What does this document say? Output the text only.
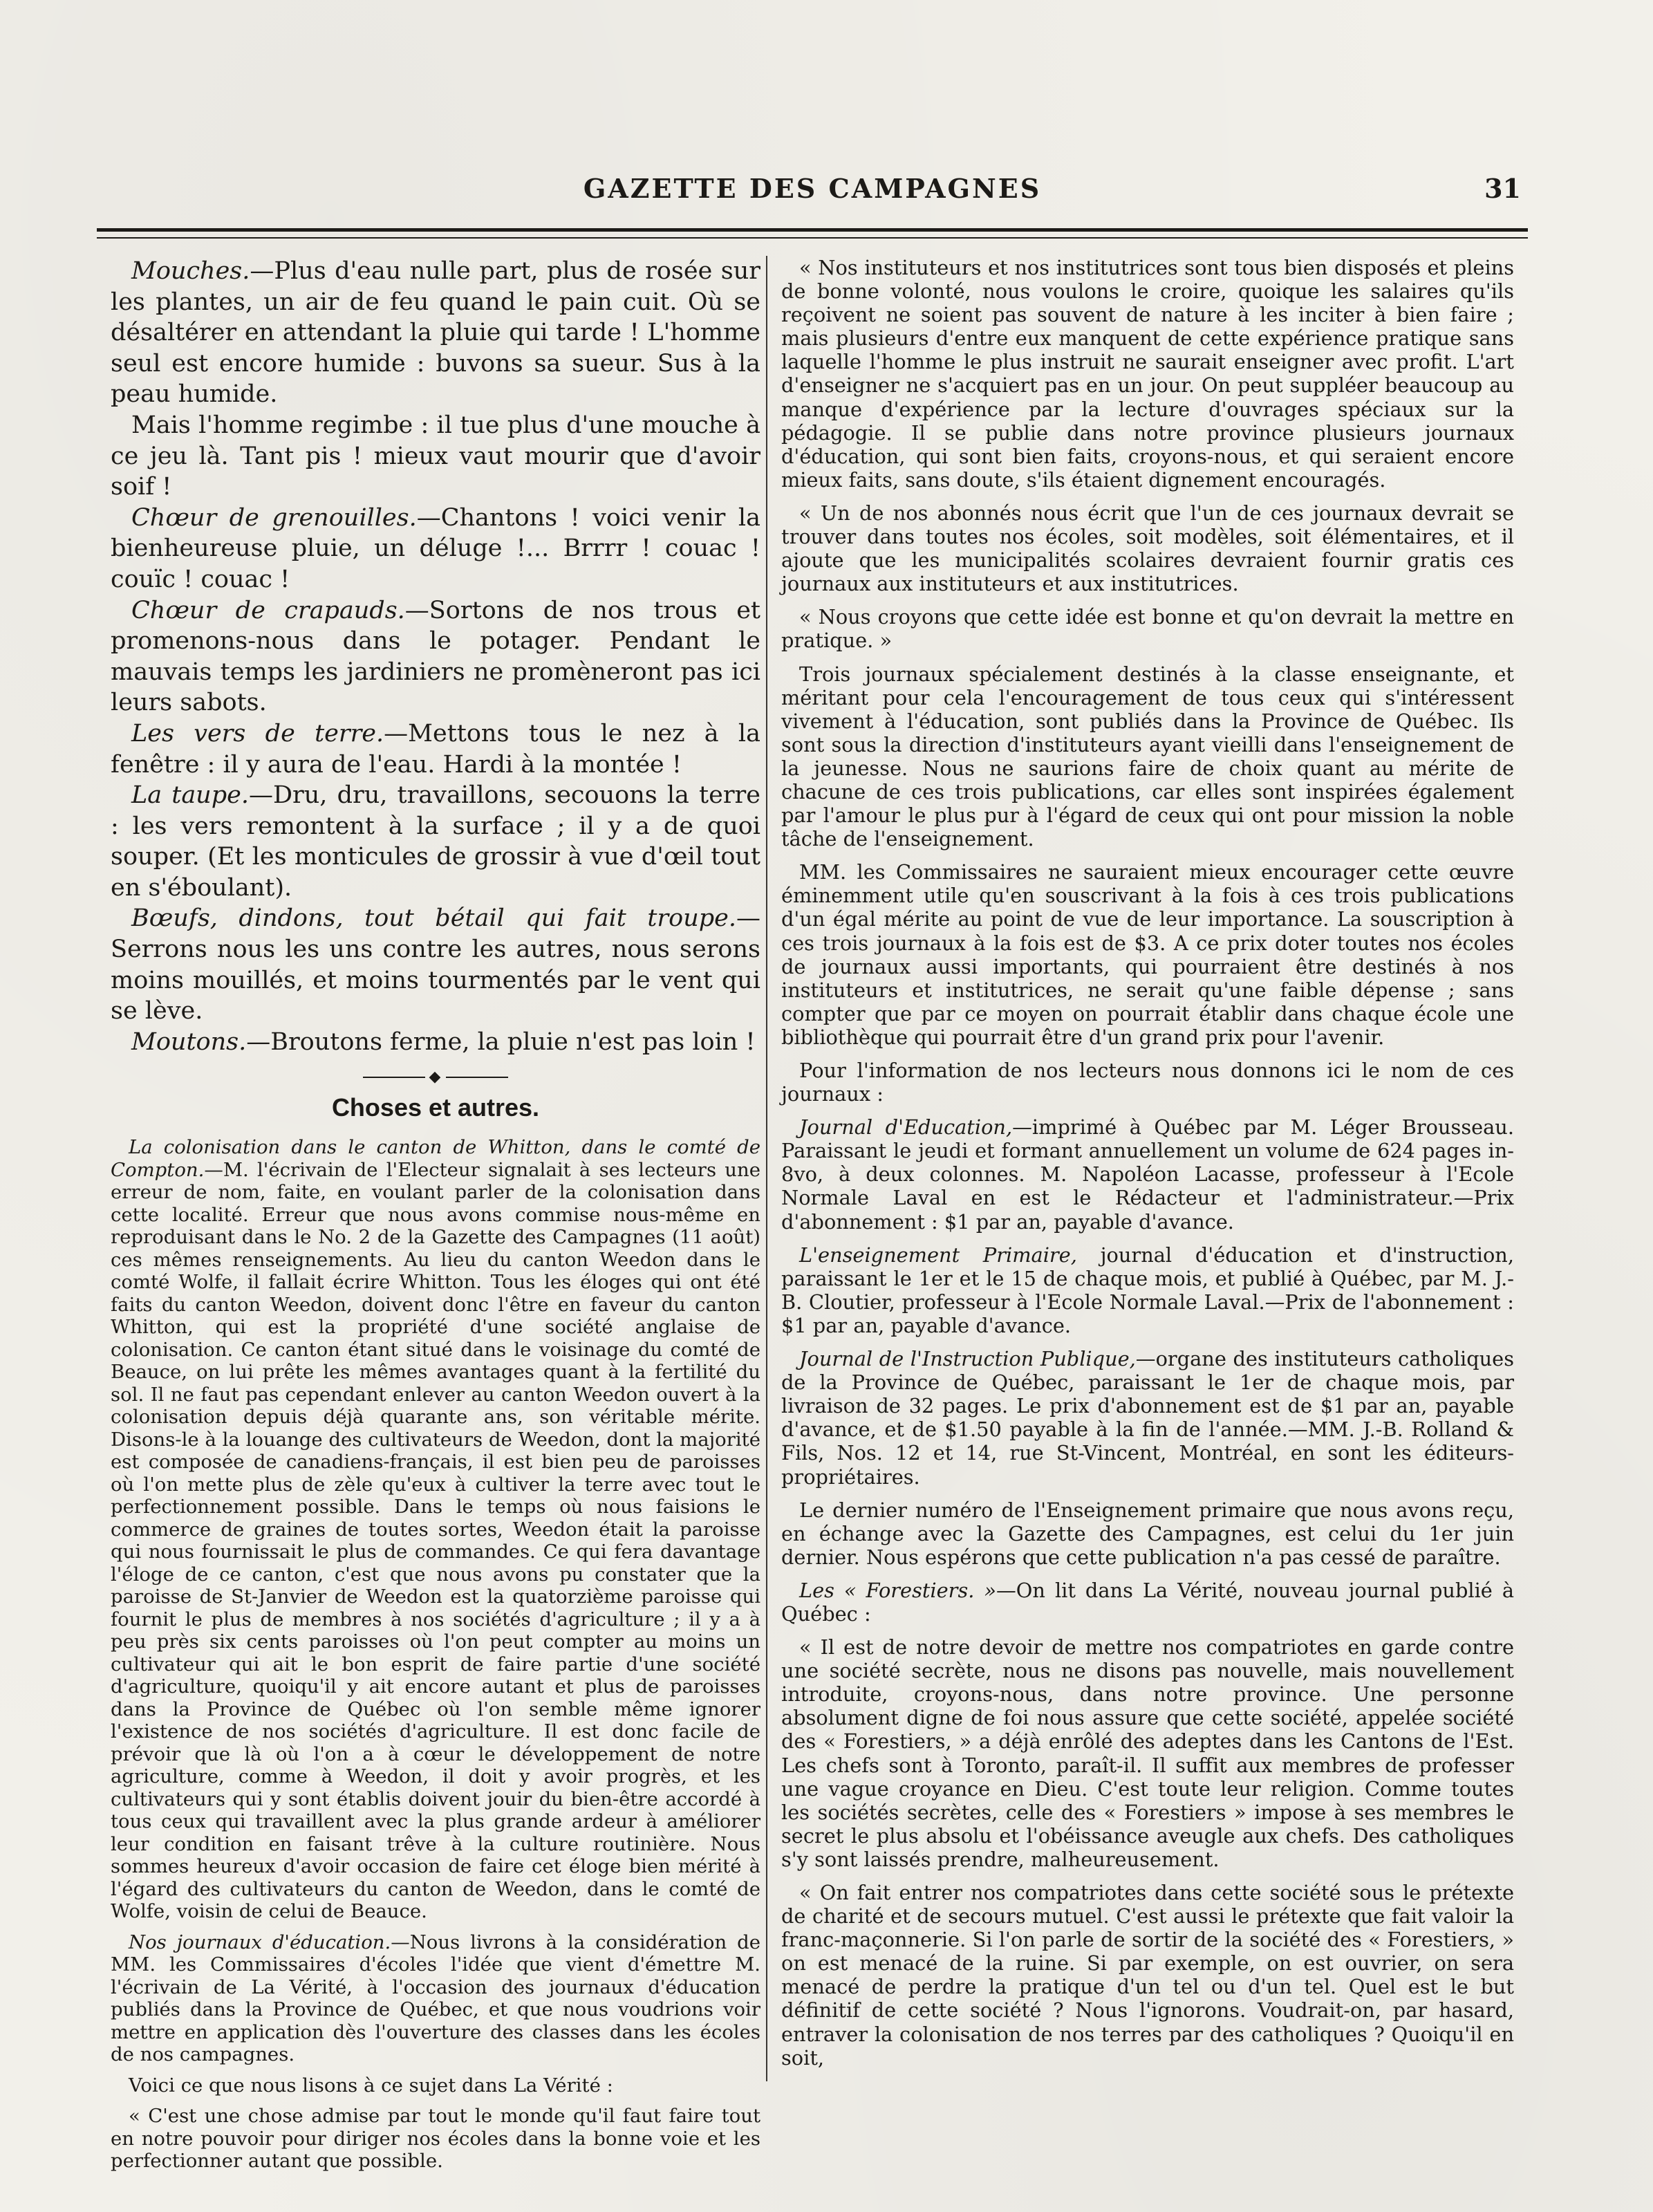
GAZETTE DES CAMPAGNES	31

Mouches.—Plus d'eau nulle part, plus de rosée sur les plantes, un air de feu quand le pain cuit. Où se désaltérer en attendant la pluie qui tarde ! L'homme seul est encore humide : buvons sa sueur. Sus à la peau humide.

Mais l'homme regimbe : il tue plus d'une mouche à ce jeu là. Tant pis ! mieux vaut mourir que d'avoir soif !

Chœur de grenouilles.—Chantons ! voici venir la bienheureuse pluie, un déluge !... Brrrr ! couac ! couïc ! couac !

Chœur de crapauds.—Sortons de nos trous et promenons-nous dans le potager. Pendant le mauvais temps les jardiniers ne promèneront pas ici leurs sabots.

Les vers de terre.—Mettons tous le nez à la fenêtre : il y aura de l'eau. Hardi à la montée !

La taupe.—Dru, dru, travaillons, secouons la terre : les vers remontent à la surface ; il y a de quoi souper. (Et les monticules de grossir à vue d'œil tout en s'éboulant).

Bœufs, dindons, tout bétail qui fait troupe.—Serrons nous les uns contre les autres, nous serons moins mouillés, et moins tourmentés par le vent qui se lève.

Moutons.—Broutons ferme, la pluie n'est pas loin !

◆
Choses et autres.

La colonisation dans le canton de Whitton, dans le comté de Compton.—M. l'écrivain de l'Electeur signalait à ses lecteurs une erreur de nom, faite, en voulant parler de la colonisation dans cette localité. Erreur que nous avons commise nous-même en reproduisant dans le No. 2 de la Gazette des Campagnes (11 août) ces mêmes renseignements. Au lieu du canton Weedon dans le comté Wolfe, il fallait écrire Whitton. Tous les éloges qui ont été faits du canton Weedon, doivent donc l'être en faveur du canton Whitton, qui est la propriété d'une société anglaise de colonisation. Ce canton étant situé dans le voisinage du comté de Beauce, on lui prête les mêmes avantages quant à la fertilité du sol. Il ne faut pas cependant enlever au canton Weedon ouvert à la colonisation depuis déjà quarante ans, son véritable mérite. Disons-le à la louange des cultivateurs de Weedon, dont la majorité est composée de canadiens-français, il est bien peu de paroisses où l'on mette plus de zèle qu'eux à cultiver la terre avec tout le perfectionnement possible. Dans le temps où nous faisions le commerce de graines de toutes sortes, Weedon était la paroisse qui nous fournissait le plus de commandes. Ce qui fera davantage l'éloge de ce canton, c'est que nous avons pu constater que la paroisse de St-Janvier de Weedon est la quatorzième paroisse qui fournit le plus de membres à nos sociétés d'agriculture ; il y a à peu près six cents paroisses où l'on peut compter au moins un cultivateur qui ait le bon esprit de faire partie d'une société d'agriculture, quoiqu'il y ait encore autant et plus de paroisses dans la Province de Québec où l'on semble même ignorer l'existence de nos sociétés d'agriculture. Il est donc facile de prévoir que là où l'on a à cœur le développement de notre agriculture, comme à Weedon, il doit y avoir progrès, et les cultivateurs qui y sont établis doivent jouir du bien-être accordé à tous ceux qui travaillent avec la plus grande ardeur à améliorer leur condition en faisant trêve à la culture routinière. Nous sommes heureux d'avoir occasion de faire cet éloge bien mérité à l'égard des cultivateurs du canton de Weedon, dans le comté de Wolfe, voisin de celui de Beauce.

Nos journaux d'éducation.—Nous livrons à la considération de MM. les Commissaires d'écoles l'idée que vient d'émettre M. l'écrivain de La Vérité, à l'occasion des journaux d'éducation publiés dans la Province de Québec, et que nous voudrions voir mettre en application dès l'ouverture des classes dans les écoles de nos campagnes.

Voici ce que nous lisons à ce sujet dans La Vérité :

« C'est une chose admise par tout le monde qu'il faut faire tout en notre pouvoir pour diriger nos écoles dans la bonne voie et les perfectionner autant que possible.

« Nos instituteurs et nos institutrices sont tous bien disposés et pleins de bonne volonté, nous voulons le croire, quoique les salaires qu'ils reçoivent ne soient pas souvent de nature à les inciter à bien faire ; mais plusieurs d'entre eux manquent de cette expérience pratique sans laquelle l'homme le plus instruit ne saurait enseigner avec profit. L'art d'enseigner ne s'acquiert pas en un jour. On peut suppléer beaucoup au manque d'expérience par la lecture d'ouvrages spéciaux sur la pédagogie. Il se publie dans notre province plusieurs journaux d'éducation, qui sont bien faits, croyons-nous, et qui seraient encore mieux faits, sans doute, s'ils étaient dignement encouragés.

« Un de nos abonnés nous écrit que l'un de ces journaux devrait se trouver dans toutes nos écoles, soit modèles, soit élémentaires, et il ajoute que les municipalités scolaires devraient fournir gratis ces journaux aux instituteurs et aux institutrices.

« Nous croyons que cette idée est bonne et qu'on devrait la mettre en pratique. »

Trois journaux spécialement destinés à la classe enseignante, et méritant pour cela l'encouragement de tous ceux qui s'intéressent vivement à l'éducation, sont publiés dans la Province de Québec. Ils sont sous la direction d'instituteurs ayant vieilli dans l'enseignement de la jeunesse. Nous ne saurions faire de choix quant au mérite de chacune de ces trois publications, car elles sont inspirées également par l'amour le plus pur à l'égard de ceux qui ont pour mission la noble tâche de l'enseignement.

MM. les Commissaires ne sauraient mieux encourager cette œuvre éminemment utile qu'en souscrivant à la fois à ces trois publications d'un égal mérite au point de vue de leur importance. La souscription à ces trois journaux à la fois est de $3. A ce prix doter toutes nos écoles de journaux aussi importants, qui pourraient être destinés à nos instituteurs et institutrices, ne serait qu'une faible dépense ; sans compter que par ce moyen on pourrait établir dans chaque école une bibliothèque qui pourrait être d'un grand prix pour l'avenir.

Pour l'information de nos lecteurs nous donnons ici le nom de ces journaux :

Journal d'Education,—imprimé à Québec par M. Léger Brousseau. Paraissant le jeudi et formant annuellement un volume de 624 pages in-8vo, à deux colonnes. M. Napoléon Lacasse, professeur à l'Ecole Normale Laval en est le Rédacteur et l'administrateur.—Prix d'abonnement : $1 par an, payable d'avance.

L'enseignement Primaire, journal d'éducation et d'instruction, paraissant le 1er et le 15 de chaque mois, et publié à Québec, par M. J.-B. Cloutier, professeur à l'Ecole Normale Laval.—Prix de l'abonnement : $1 par an, payable d'avance.

Journal de l'Instruction Publique,—organe des instituteurs catholiques de la Province de Québec, paraissant le 1er de chaque mois, par livraison de 32 pages. Le prix d'abonnement est de $1 par an, payable d'avance, et de $1.50 payable à la fin de l'année.—MM. J.-B. Rolland & Fils, Nos. 12 et 14, rue St-Vincent, Montréal, en sont les éditeurs-propriétaires.

Le dernier numéro de l'Enseignement primaire que nous avons reçu, en échange avec la Gazette des Campagnes, est celui du 1er juin dernier. Nous espérons que cette publication n'a pas cessé de paraître.

Les « Forestiers. »—On lit dans La Vérité, nouveau journal publié à Québec :

« Il est de notre devoir de mettre nos compatriotes en garde contre une société secrète, nous ne disons pas nouvelle, mais nouvellement introduite, croyons-nous, dans notre province. Une personne absolument digne de foi nous assure que cette société, appelée société des « Forestiers, » a déjà enrôlé des adeptes dans les Cantons de l'Est. Les chefs sont à Toronto, paraît-il. Il suffit aux membres de professer une vague croyance en Dieu. C'est toute leur religion. Comme toutes les sociétés secrètes, celle des « Forestiers » impose à ses membres le secret le plus absolu et l'obéissance aveugle aux chefs. Des catholiques s'y sont laissés prendre, malheureusement.

« On fait entrer nos compatriotes dans cette société sous le prétexte de charité et de secours mutuel. C'est aussi le prétexte que fait valoir la franc-maçonnerie. Si l'on parle de sortir de la société des « Forestiers, » on est menacé de la ruine. Si par exemple, on est ouvrier, on sera menacé de perdre la pratique d'un tel ou d'un tel. Quel est le but définitif de cette société ? Nous l'ignorons. Voudrait-on, par hasard, entraver la colonisation de nos terres par des catholiques ? Quoiqu'il en soit,
